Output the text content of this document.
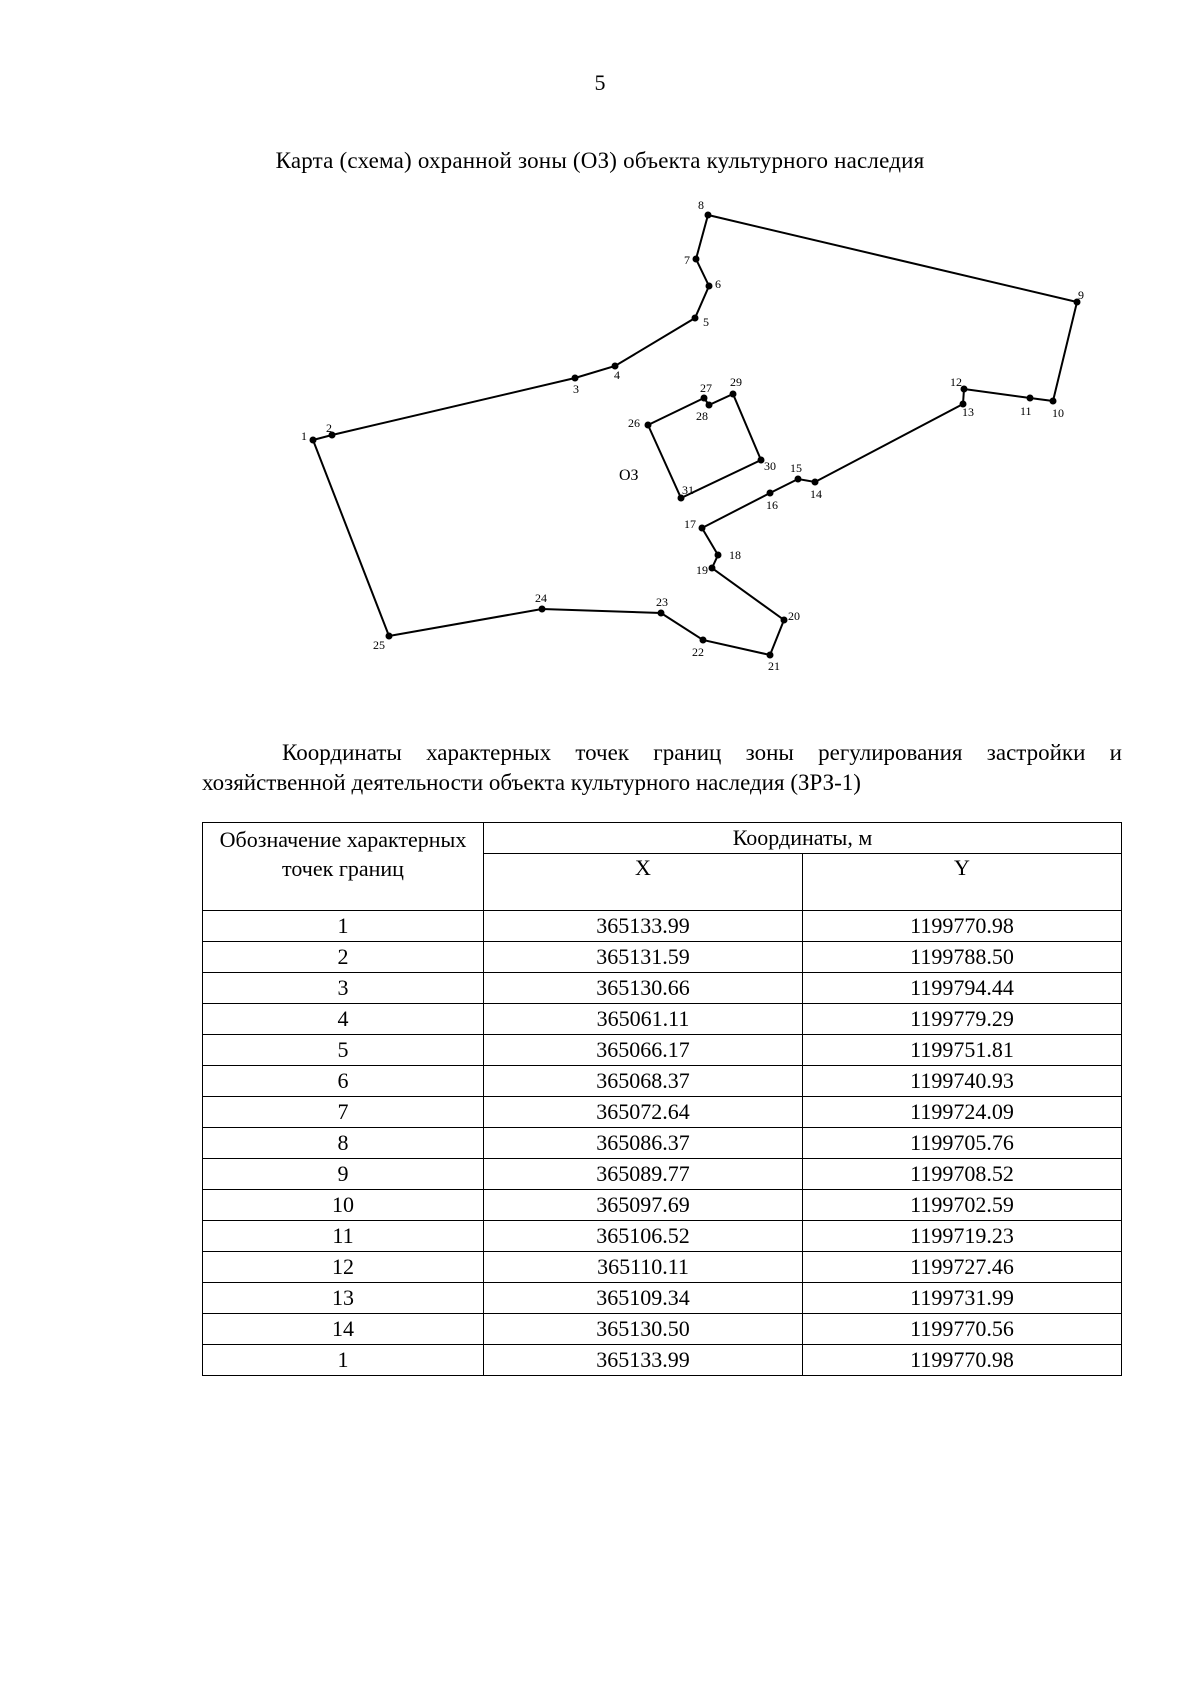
5
Карта (схема) охранной зоны (ОЗ) объекта культурного наследия
1
2
3
4
5
6
7
8
9
10
11
12
13
14
15
16
17
18
19
20
21
22
23
24
25
26
27
28
29
30
31
ОЗ
Координаты характерных точек границ зоны регулирования застройки и хозяйственной деятельности объекта культурного наследия (ЗРЗ-1)
Обозначение характерных точек границ	Координаты, м	
	X	Y
1	365133.99	1199770.98
2	365131.59	1199788.50
3	365130.66	1199794.44
4	365061.11	1199779.29
5	365066.17	1199751.81
6	365068.37	1199740.93
7	365072.64	1199724.09
8	365086.37	1199705.76
9	365089.77	1199708.52
10	365097.69	1199702.59
11	365106.52	1199719.23
12	365110.11	1199727.46
13	365109.34	1199731.99
14	365130.50	1199770.56
1	365133.99	1199770.98
